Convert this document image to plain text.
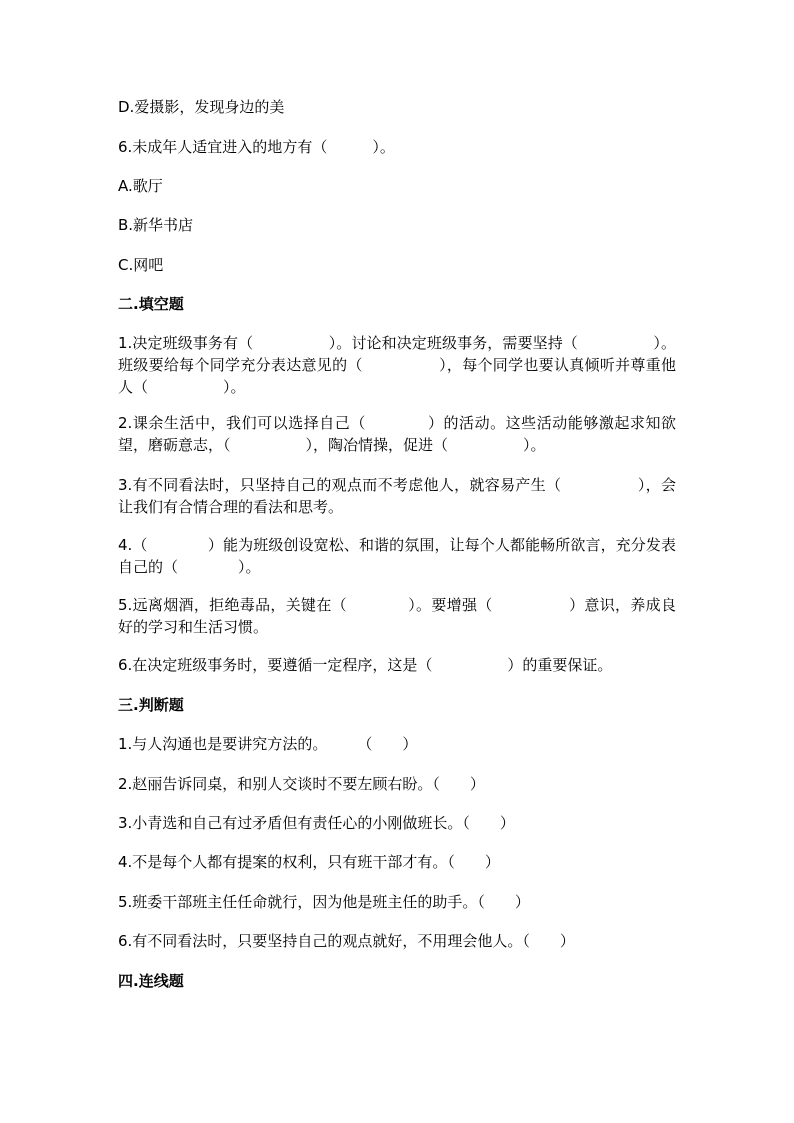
D.爱摄影，发现身边的美

6.未成年人适宜进入的地方有（　　　）。

A.歌厅

B.新华书店

C.网吧

二.填空题

1.决定班级事务有（　　　　　）。讨论和决定班级事务，需要坚持（　　　　　）。班级要给每个同学充分表达意见的（　　　　　），每个同学也要认真倾听并尊重他人（　　　　　）。

2.课余生活中，我们可以选择自己（　　　　）的活动。这些活动能够激起求知欲望，磨砺意志，（　　　　　），陶冶情操，促进（　　　　　）。

3.有不同看法时，只坚持自己的观点而不考虑他人，就容易产生（　　　　　），会让我们有合情合理的看法和思考。

4.（　　　　）能为班级创设宽松、和谐的氛围，让每个人都能畅所欲言，充分发表自己的（　　　　）。

5.远离烟酒，拒绝毒品，关键在（　　　　）。要增强（　　　　　）意识，养成良好的学习和生活习惯。

6.在决定班级事务时，要遵循一定程序，这是（　　　　　）的重要保证。

三.判断题

1.与人沟通也是要讲究方法的。　　　（　　）

2.赵丽告诉同桌，和别人交谈时不要左顾右盼。（　　）

3.小青选和自己有过矛盾但有责任心的小刚做班长。（　　）

4.不是每个人都有提案的权利，只有班干部才有。（　　）

5.班委干部班主任任命就行，因为他是班主任的助手。（　　）

6.有不同看法时，只要坚持自己的观点就好，不用理会他人。（　　）

四.连线题
